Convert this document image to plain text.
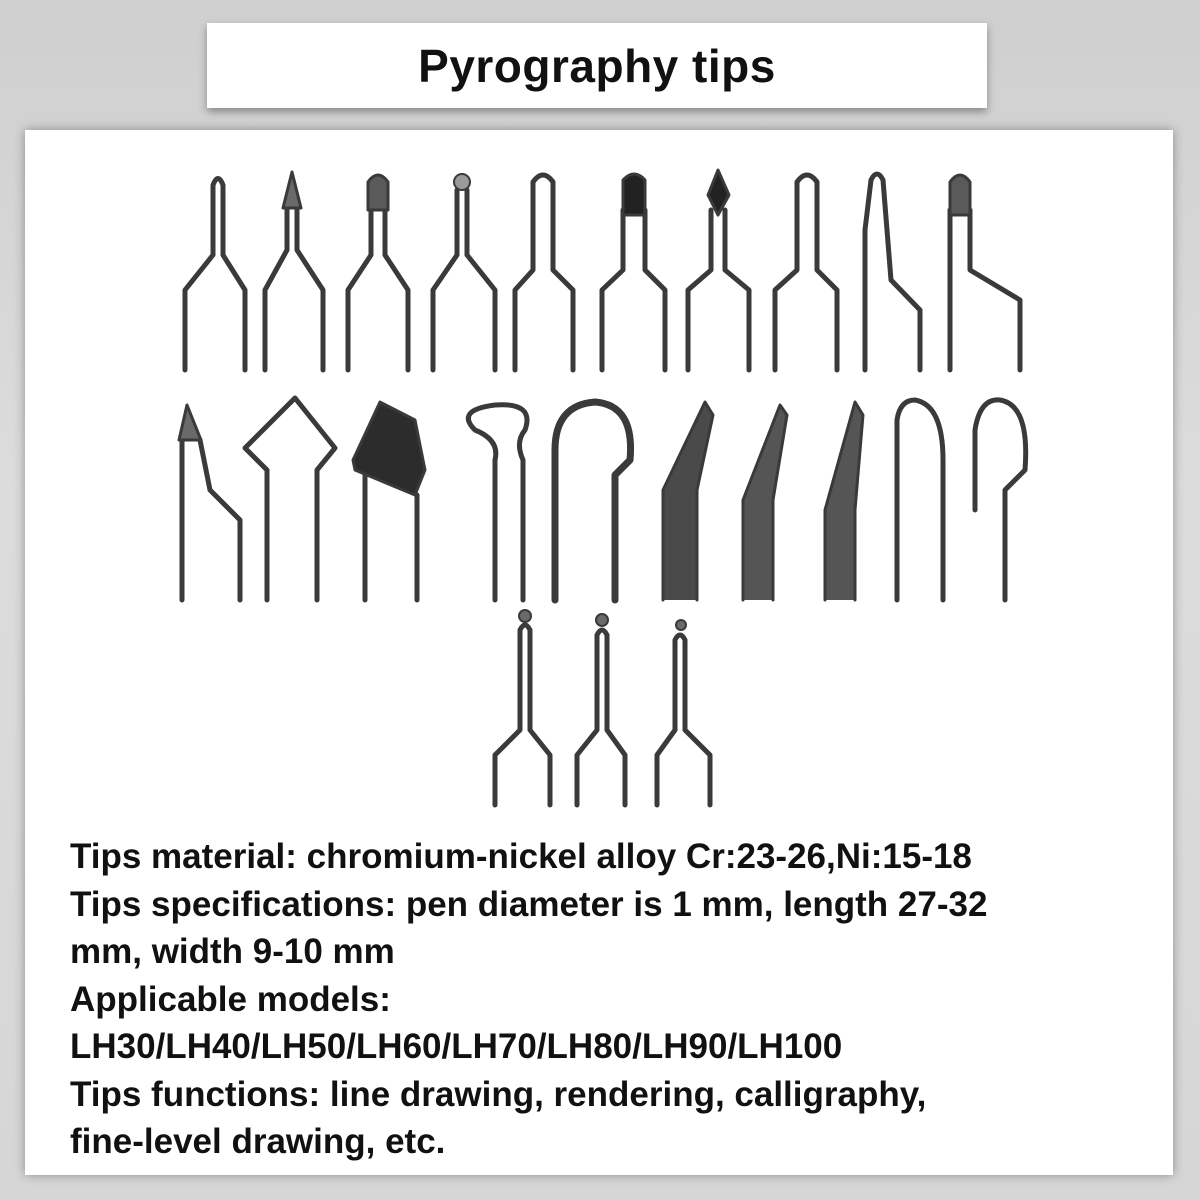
Pyrography tips
Tips material: chromium-nickel alloy Cr:23-26,Ni:15-18
Tips specifications: pen diameter is 1 mm, length 27-32
mm, width 9-10 mm
Applicable models:
LH30/LH40/LH50/LH60/LH70/LH80/LH90/LH100
Tips functions: line drawing, rendering, calligraphy,
fine-level drawing, etc.
